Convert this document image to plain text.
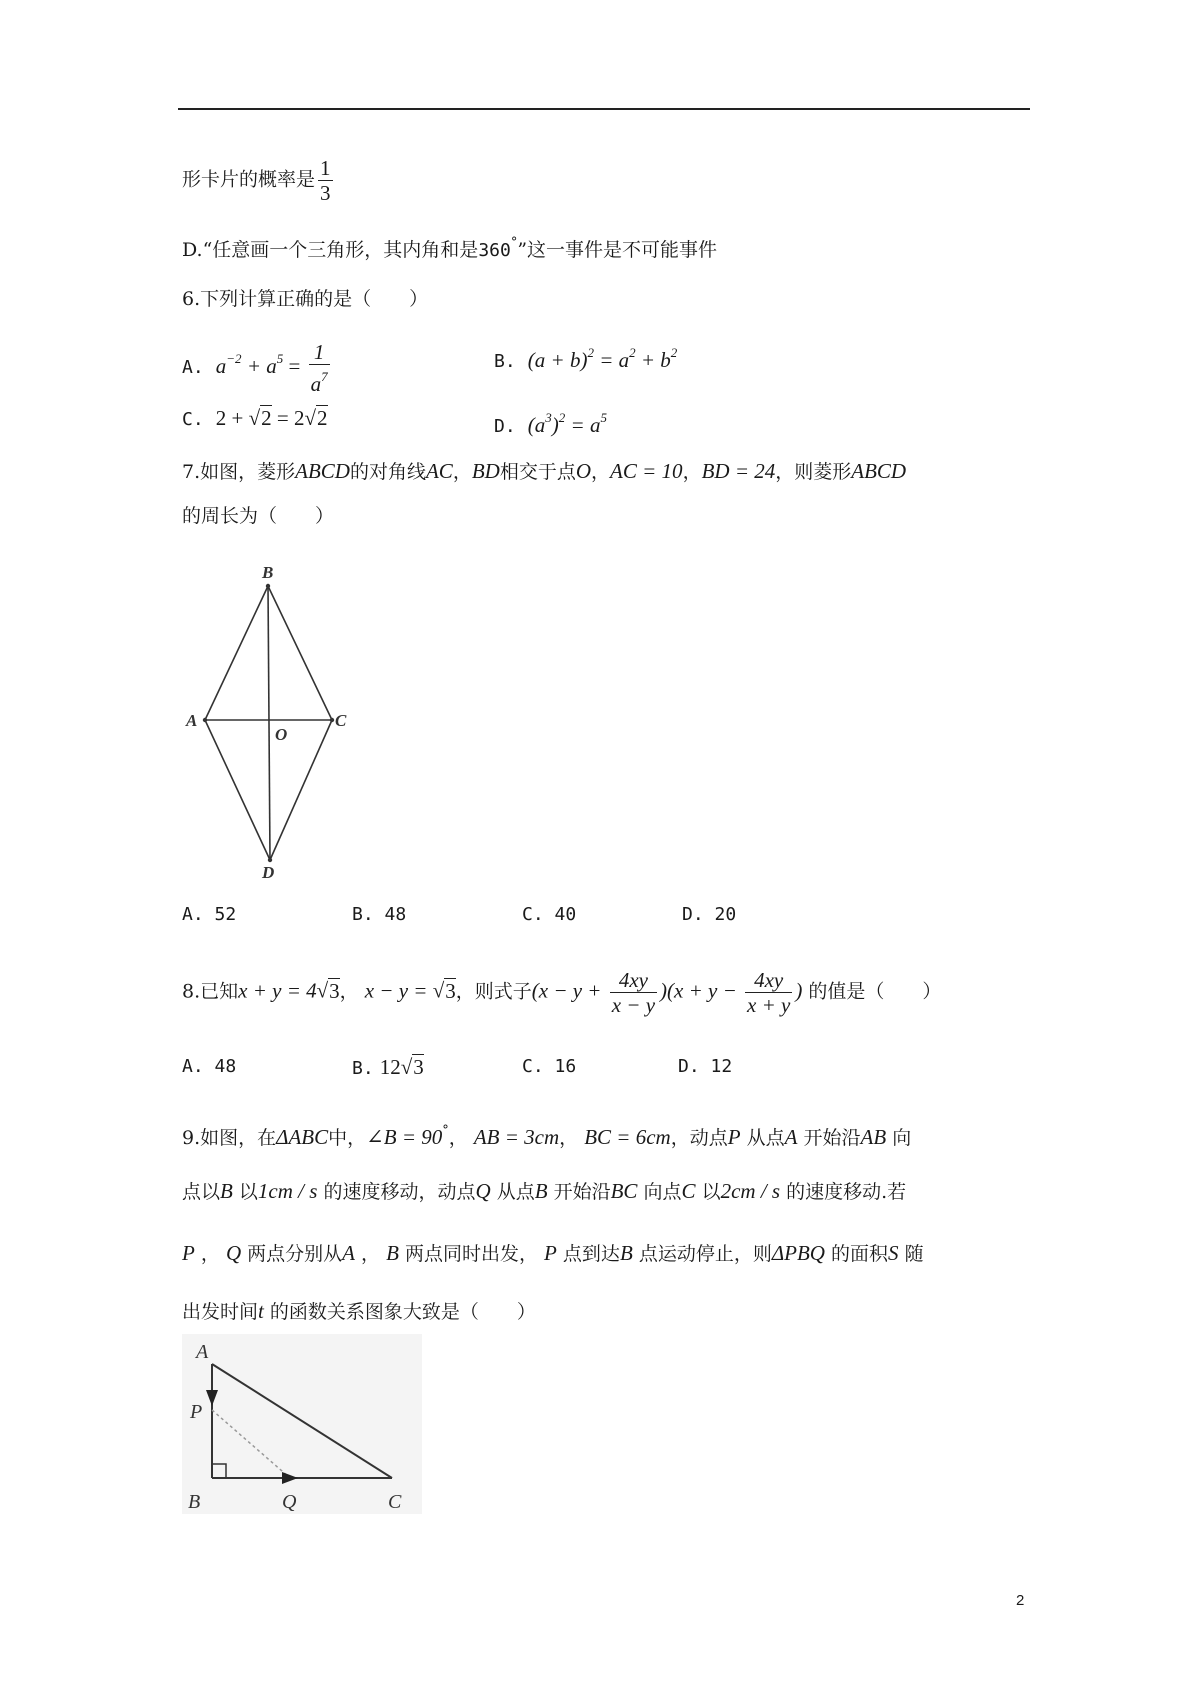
形卡片的概率是 $\frac{1}{3}$
D.“任意画一个三角形，其内角和是360°”这一事件是不可能事件
6.下列计算正确的是（　　）
A. $a^{-2} + a^5 = \frac{1}{a^7}$	B. $(a + b)^2 = a^2 + b^2$
C. 2 + √2 = 2√2	D. $(a^3)^2 = a^5$
7.如图，菱形ABCD的对角线AC，BD相交于点O，AC = 10，BD = 24，则菱形ABCD
的周长为（　　）
B
A
O
C
D
A. 52	B. 48	C. 40	D. 20
8.已知x + y = 4√3， x − y = √3，则式子$(x - y + \frac{4xy}{x - y} )(x + y - \frac{4xy}{x + y}$ ) 的值是（　　）
A. 48	B. 12√3	C. 16	D. 12
9.如图，在ΔABC中，∠B = 90°， AB = 3cm， BC = 6cm，动点P 从点A 开始沿AB 向
点以B 以1cm / s 的速度移动，动点Q 从点B 开始沿BC 向点C 以2cm / s 的速度移动.若
P ， Q 两点分别从A ， B 两点同时出发， P 点到达B 点运动停止，则ΔPBQ 的面积S 随
出发时间t 的函数关系图象大致是（　　）
A
P
B	Q	C
2
